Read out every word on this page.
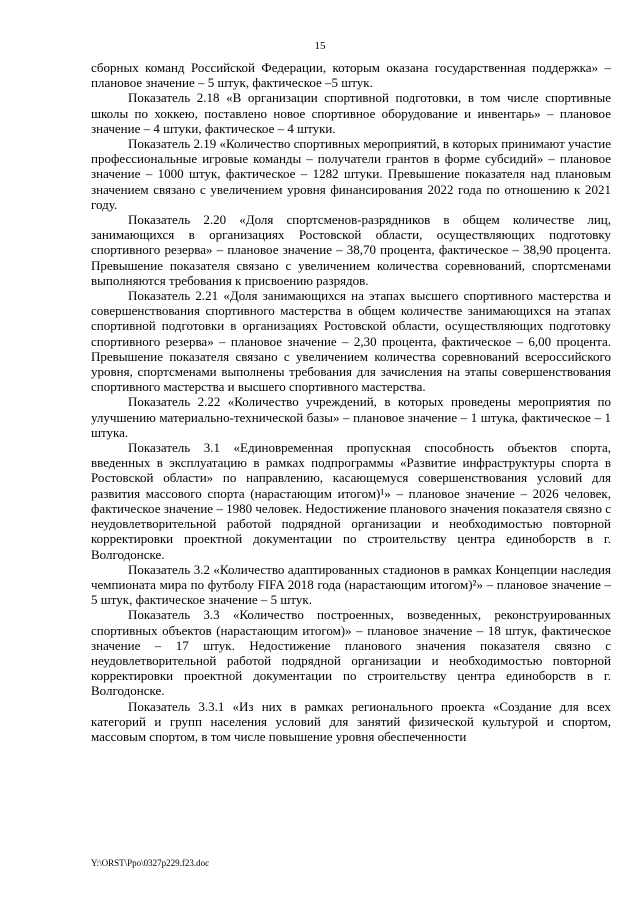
15

сборных команд Российской Федерации, которым оказана государственная поддержка» – плановое значение – 5 штук, фактическое –5 штук.

Показатель 2.18 «В организации спортивной подготовки, в том числе спортивные школы по хоккею, поставлено новое спортивное оборудование и инвентарь» – плановое значение – 4 штуки, фактическое – 4 штуки.

Показатель 2.19 «Количество спортивных мероприятий, в которых принимают участие профессиональные игровые команды – получатели грантов в форме субсидий» – плановое значение – 1000 штук, фактическое – 1282 штуки. Превышение показателя над плановым значением связано с увеличением уровня финансирования 2022 года по отношению к 2021 году.

Показатель 2.20 «Доля спортсменов-разрядников в общем количестве лиц, занимающихся в организациях Ростовской области, осуществляющих подготовку спортивного резерва» – плановое значение – 38,70 процента, фактическое – 38,90 процента. Превышение показателя связано с увеличением количества соревнований, спортсменами выполняются требования к присвоению разрядов.

Показатель 2.21 «Доля занимающихся на этапах высшего спортивного мастерства и совершенствования спортивного мастерства в общем количестве занимающихся на этапах спортивной подготовки в организациях Ростовской области, осуществляющих подготовку спортивного резерва» – плановое значение – 2,30 процента, фактическое – 6,00 процента. Превышение показателя связано с увеличением количества соревнований всероссийского уровня, спортсменами выполнены требования для зачисления на этапы совершенствования спортивного мастерства и высшего спортивного мастерства.

Показатель 2.22 «Количество учреждений, в которых проведены мероприятия по улучшению материально-технической базы» – плановое значение – 1 штука, фактическое – 1 штука.

Показатель 3.1 «Единовременная пропускная способность объектов спорта, введенных в эксплуатацию в рамках подпрограммы «Развитие инфраструктуры спорта в Ростовской области» по направлению, касающемуся совершенствования условий для развития массового спорта (нарастающим итогом)¹» – плановое значение – 2026 человек, фактическое значение – 1980 человек. Недостижение планового значения показателя связно с неудовлетворительной работой подрядной организации и необходимостью повторной корректировки проектной документации по строительству центра единоборств в г. Волгодонске.

Показатель 3.2 «Количество адаптированных стадионов в рамках Концепции наследия чемпионата мира по футболу FIFA 2018 года (нарастающим итогом)²» – плановое значение – 5 штук, фактическое значение – 5 штук.

Показатель 3.3 «Количество построенных, возведенных, реконструированных спортивных объектов (нарастающим итогом)» – плановое значение – 18 штук, фактическое значение – 17 штук. Недостижение планового значения показателя связно с неудовлетворительной работой подрядной организации и необходимостью повторной корректировки проектной документации по строительству центра единоборств в г. Волгодонске.

Показатель 3.3.1 «Из них в рамках регионального проекта «Создание для всех категорий и групп населения условий для занятий физической культурой и спортом, массовым спортом, в том числе повышение уровня обеспеченности

Y:\ORST\Ppo\0327p229.f23.doc
